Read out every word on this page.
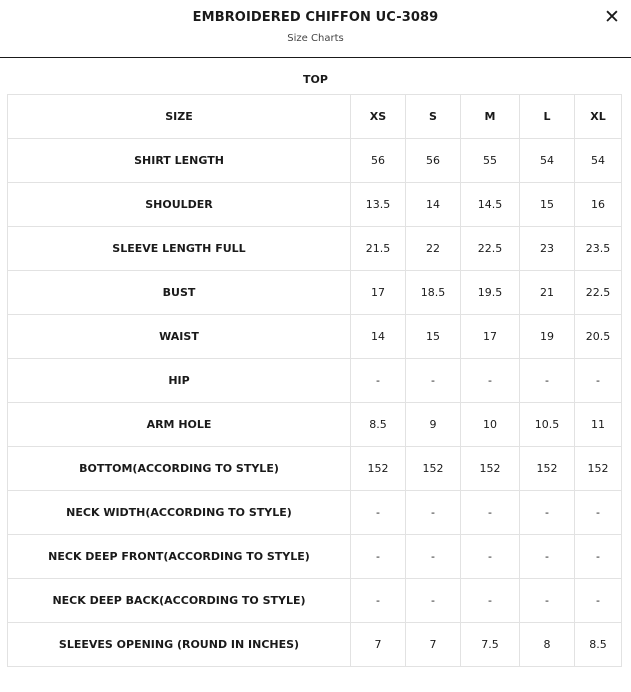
EMBROIDERED CHIFFON UC-3089
Size Charts
✕
TOP
SIZE	XS	S	M	L	XL
SHIRT LENGTH	56	56	55	54	54
SHOULDER	13.5	14	14.5	15	16
SLEEVE LENGTH FULL	21.5	22	22.5	23	23.5
BUST	17	18.5	19.5	21	22.5
WAIST	14	15	17	19	20.5
HIP	-	-	-	-	-
ARM HOLE	8.5	9	10	10.5	11
BOTTOM(ACCORDING TO STYLE)	152	152	152	152	152
NECK WIDTH(ACCORDING TO STYLE)	-	-	-	-	-
NECK DEEP FRONT(ACCORDING TO STYLE)	-	-	-	-	-
NECK DEEP BACK(ACCORDING TO STYLE)	-	-	-	-	-
SLEEVES OPENING (ROUND IN INCHES)	7	7	7.5	8	8.5
